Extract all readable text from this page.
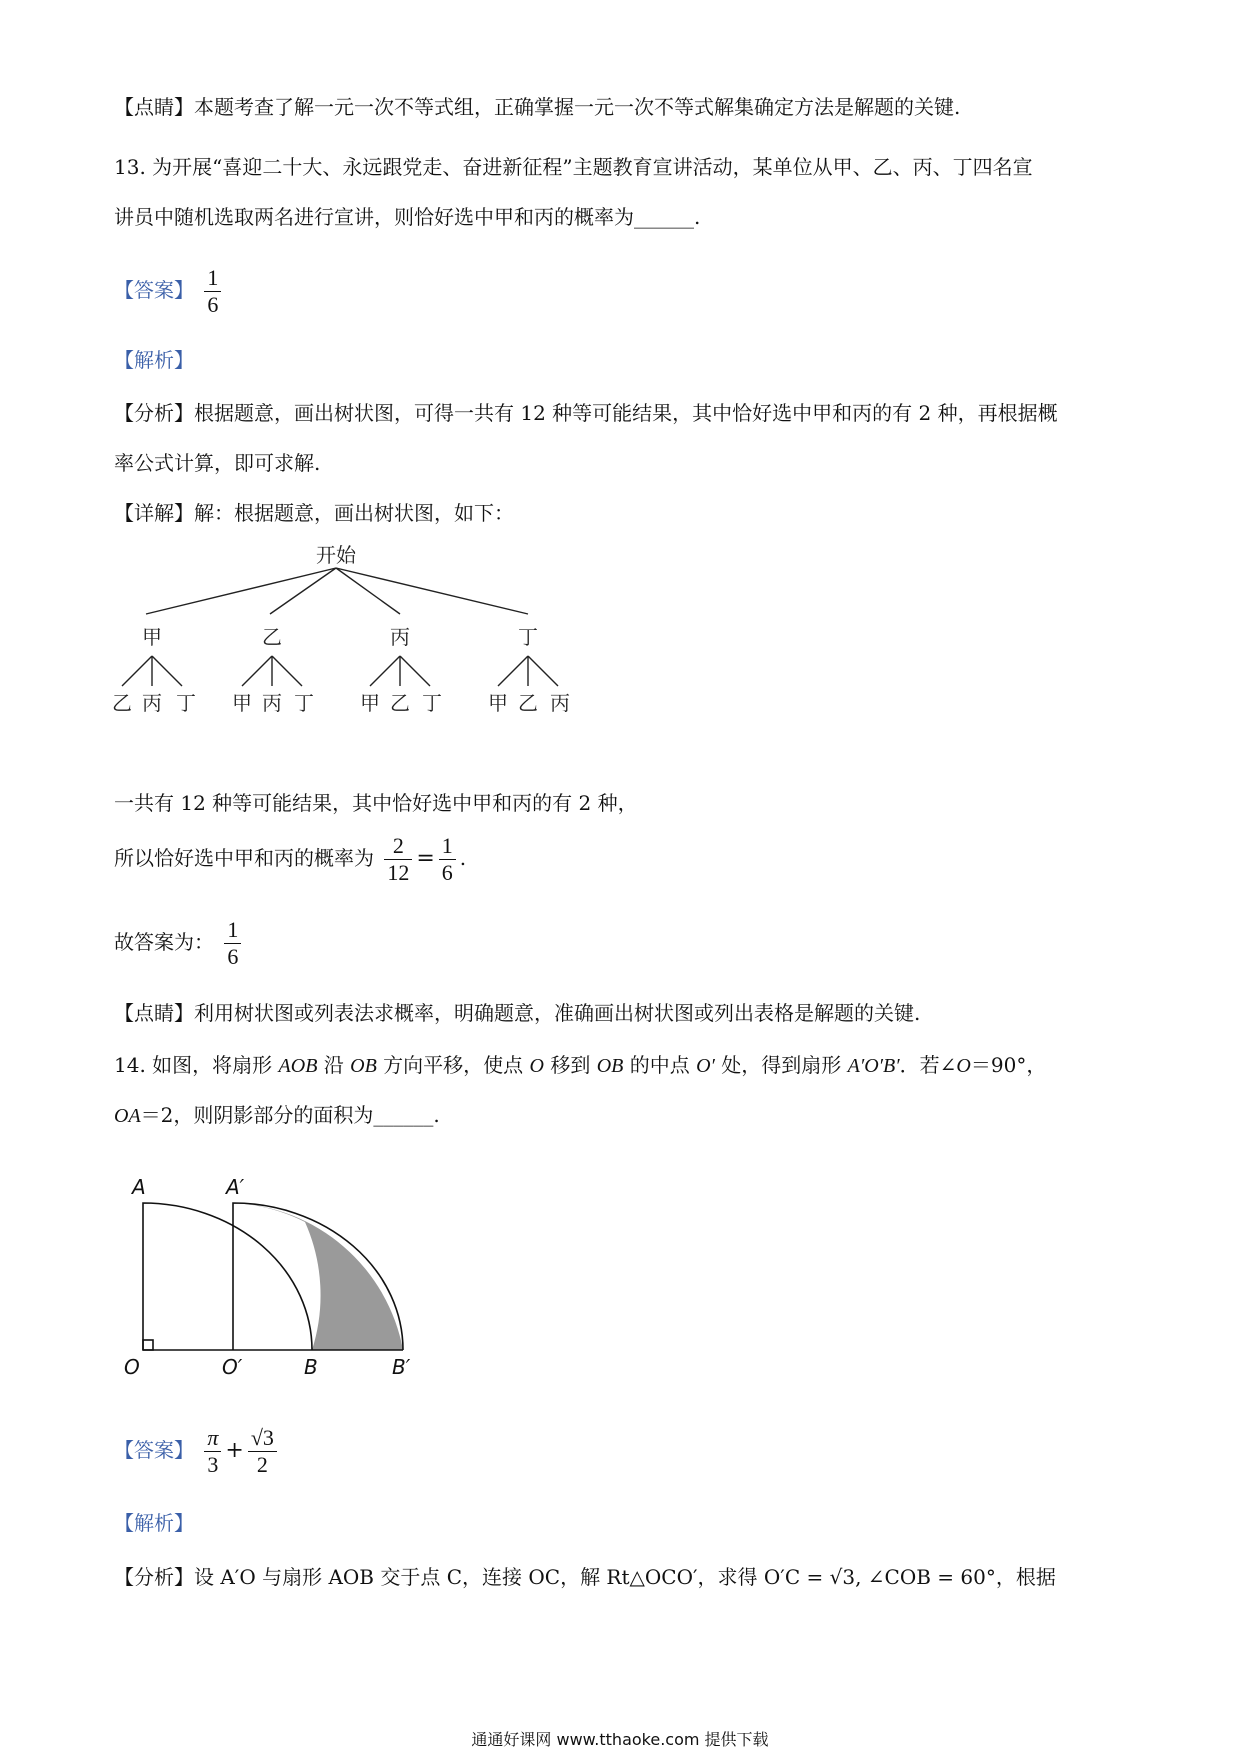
【点睛】本题考查了解一元一次不等式组，正确掌握一元一次不等式解集确定方法是解题的关键.
13. 为开展“喜迎二十大、永远跟党走、奋进新征程”主题教育宣讲活动，某单位从甲、乙、丙、丁四名宣
讲员中随机选取两名进行宣讲，则恰好选中甲和丙的概率为______.
【答案】 $\frac{1}{6}$
【解析】
【分析】根据题意，画出树状图，可得一共有 12 种等可能结果，其中恰好选中甲和丙的有 2 种，再根据概
率公式计算，即可求解.
【详解】解：根据题意，画出树状图，如下：
开始
甲	乙	丙	丁
乙 丙 丁 甲 丙 丁 甲 乙 丁 甲 乙 丙
一共有 12 种等可能结果，其中恰好选中甲和丙的有 2 种，
所以恰好选中甲和丙的概率为 $\frac{2}{12} = \frac{1}{6}$ .
故答案为： $\frac{1}{6}$
【点睛】利用树状图或列表法求概率，明确题意，准确画出树状图或列出表格是解题的关键.
14. 如图，将扇形 AOB 沿 OB 方向平移，使点 O 移到 OB 的中点 O′ 处，得到扇形 A′O′B′．若∠O＝90°，
OA＝2，则阴影部分的面积为______.
A	A′
O	O′	B	B′
【答案】 $\frac{\pi}{3} + \frac{√3}{2}$
【解析】
【分析】设 A′O 与扇形 AOB 交于点 C，连接 OC，解 Rt△OCO′，求得 O′C = √3, ∠COB = 60°，根据
通通好课网 www.tthaoke.com 提供下载
